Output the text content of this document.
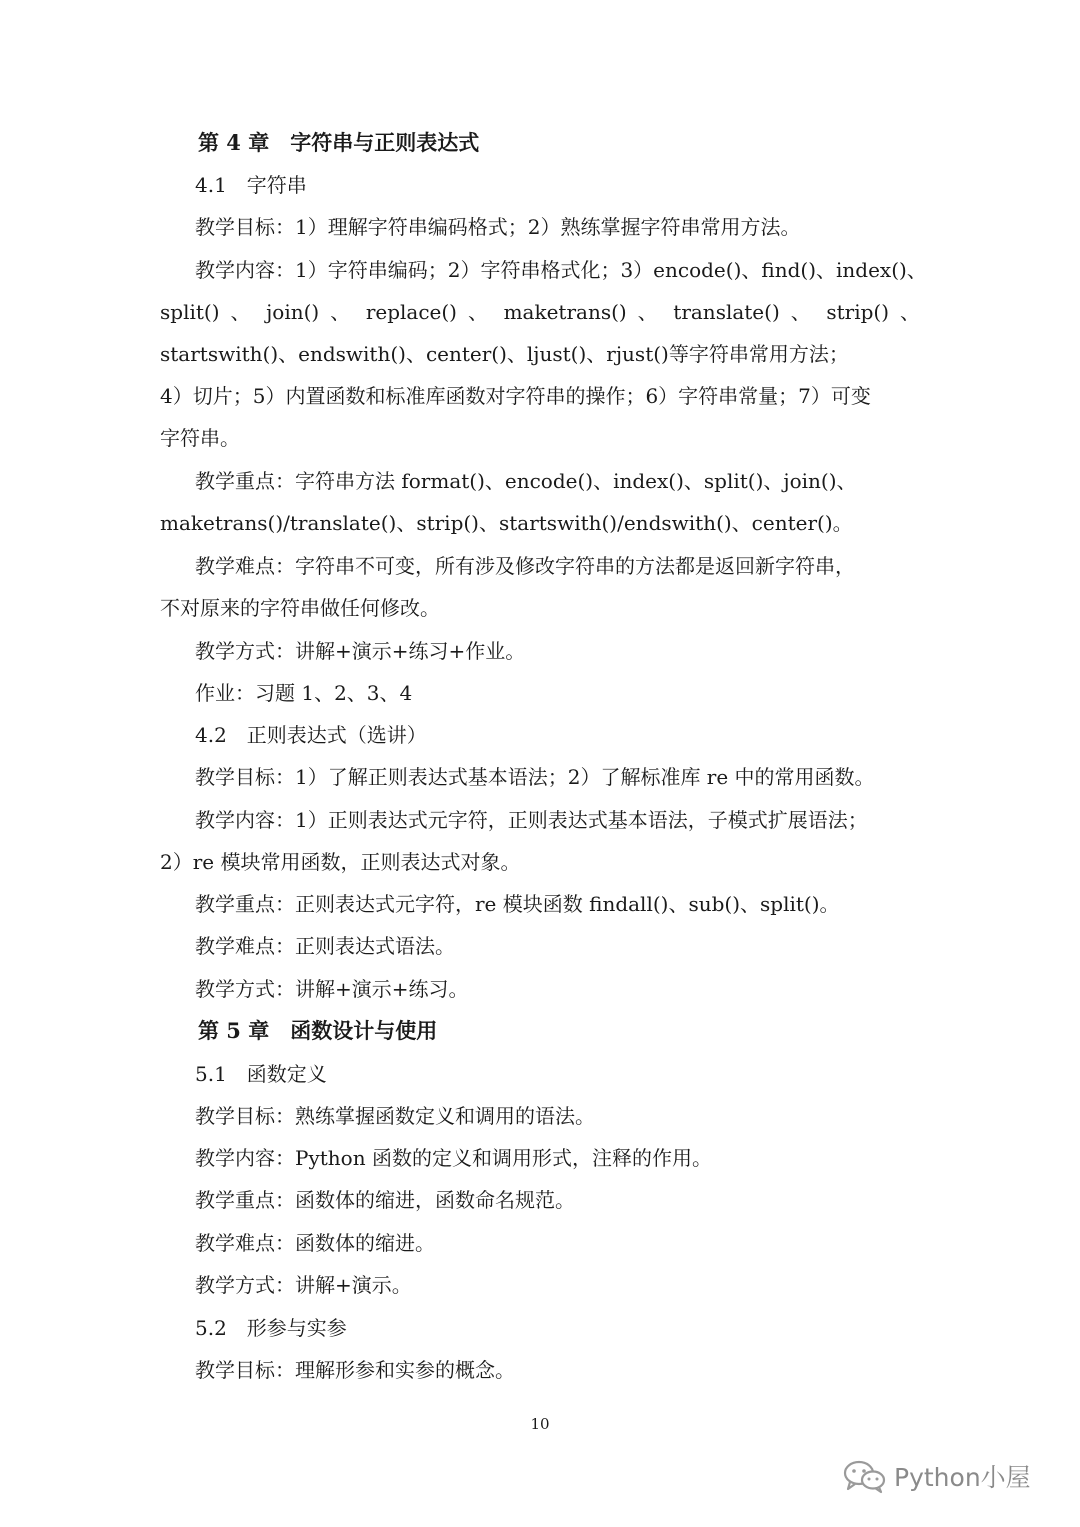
第 4 章　字符串与正则表达式
4.1　字符串
教学目标：1）理解字符串编码格式；2）熟练掌握字符串常用方法。
教学内容：1）字符串编码；2）字符串格式化；3）encode()、find()、index()、
split() 、 join() 、 replace() 、 maketrans() 、 translate() 、 strip() 、
startswith()、endswith()、center()、ljust()、rjust()等字符串常用方法；
4）切片；5）内置函数和标准库函数对字符串的操作；6）字符串常量；7）可变
字符串。
教学重点：字符串方法 format()、encode()、index()、split()、join()、
maketrans()/translate()、strip()、startswith()/endswith()、center()。
教学难点：字符串不可变，所有涉及修改字符串的方法都是返回新字符串，
不对原来的字符串做任何修改。
教学方式：讲解+演示+练习+作业。
作业：习题 1、2、3、4
4.2　正则表达式（选讲）
教学目标：1）了解正则表达式基本语法；2）了解标准库 re 中的常用函数。
教学内容：1）正则表达式元字符，正则表达式基本语法，子模式扩展语法；
2）re 模块常用函数，正则表达式对象。
教学重点：正则表达式元字符，re 模块函数 findall()、sub()、split()。
教学难点：正则表达式语法。
教学方式：讲解+演示+练习。
第 5 章　函数设计与使用
5.1　函数定义
教学目标：熟练掌握函数定义和调用的语法。
教学内容：Python 函数的定义和调用形式，注释的作用。
教学重点：函数体的缩进，函数命名规范。
教学难点：函数体的缩进。
教学方式：讲解+演示。
5.2　形参与实参
教学目标：理解形参和实参的概念。
10
Python小屋
